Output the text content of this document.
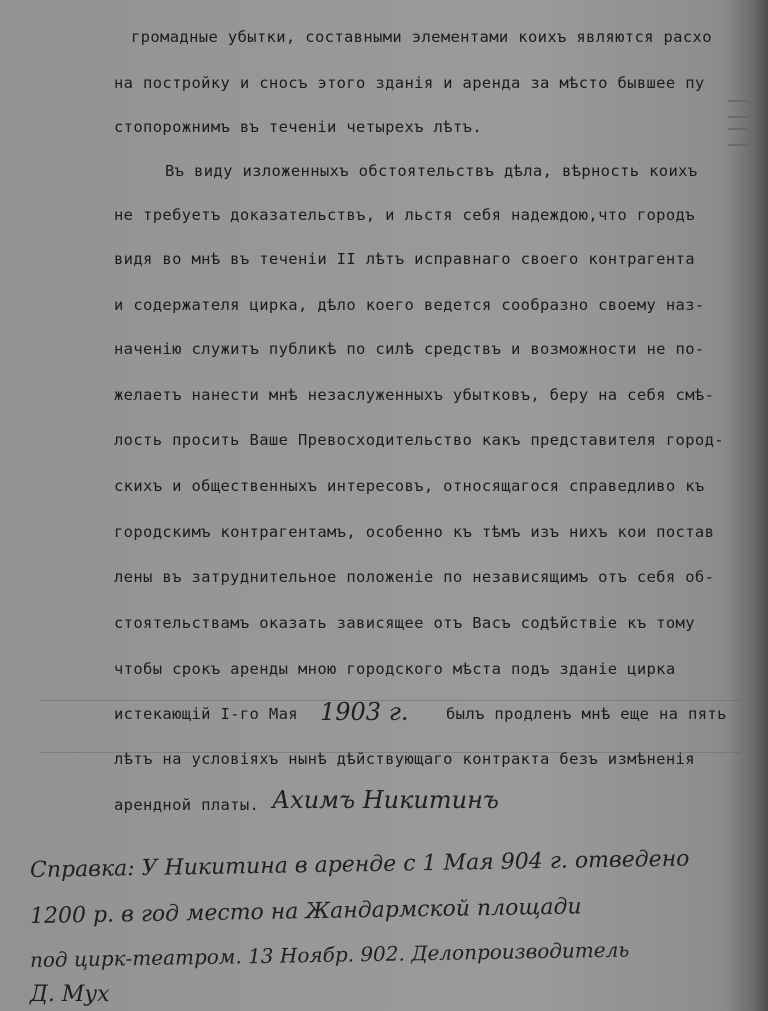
громадные убытки, составными элементами коихъ являются расхо

на постройку и сносъ этого зданія и аренда за мѣсто бывшее пу

стопорожнимъ въ теченіи четырехъ лѣтъ.

Въ виду изложенныхъ обстоятельствъ дѣла, вѣрность коихъ

не требуетъ доказательствъ, и льстя себя надеждою,что городъ

видя во мнѣ въ теченіи II лѣтъ исправнаго своего контрагента

и содержателя цирка, дѣло коего ведется сообразно своему наз-

наченію служитъ публикѣ по силѣ средствъ и возможности не по-

желаетъ нанести мнѣ незаслуженныхъ убытковъ, беру на себя смѣ-

лость просить Ваше Превосходительство какъ представителя город-

скихъ и общественныхъ интересовъ, относящагося справедливо къ

городскимъ контрагентамъ, особенно къ тѣмъ изъ нихъ кои постав

лены въ затруднительное положеніе по независящимъ отъ себя об-

стоятельствамъ оказать зависящее отъ Васъ содѣйствіе къ тому

чтобы срокъ аренды мною городского мѣста подъ зданіе цирка

истекающій I-го Мая 1903 г. былъ продленъ мнѣ еще на пять

лѣтъ на условіяхъ нынѣ дѣйствующаго контракта безъ измѣненія

арендной платы. Ахимъ Никитинъ
Справка: У Никитина в аренде с 1 Мая 904 г. отведено
1200 р. в год место на Жандармской площади
под цирк-театром. 13 Ноябр. 902. Делопроизводитель
Д. Мух
